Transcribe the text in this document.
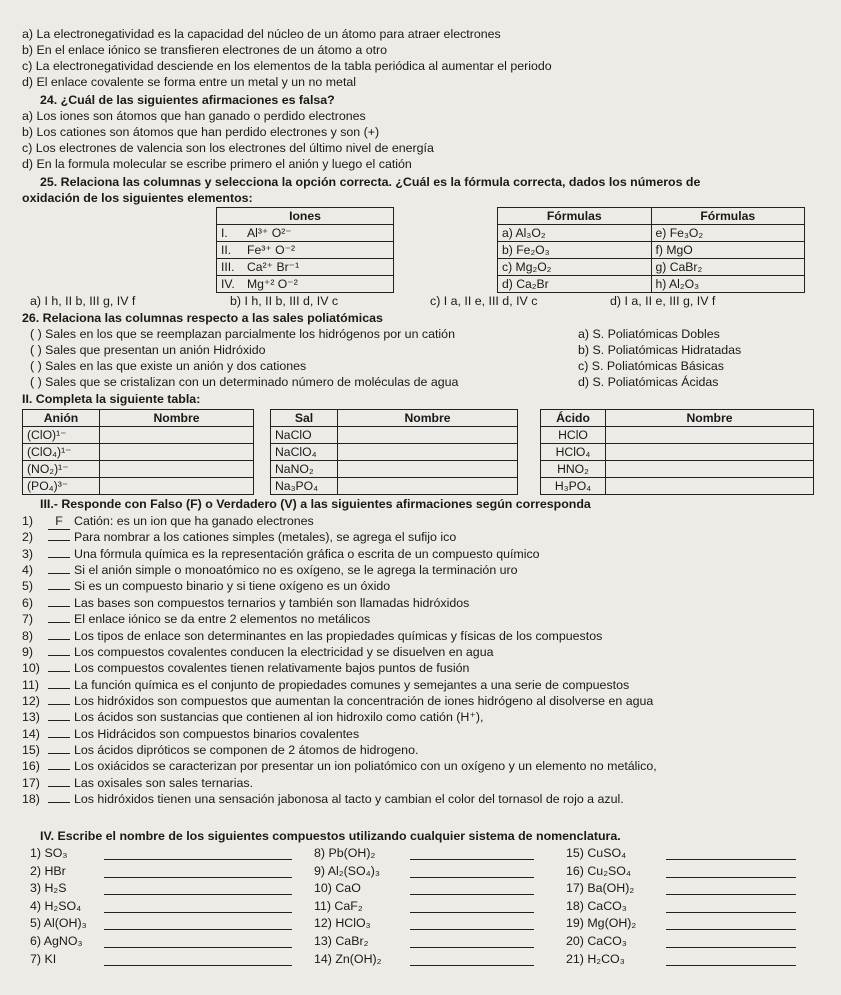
a) La electronegatividad es la capacidad del núcleo de un átomo para atraer electrones
b) En el enlace iónico se transfieren electrones de un átomo a otro
c) La electronegatividad desciende en los elementos de la tabla periódica al aumentar el periodo
d) El enlace covalente se forma entre un metal y un no metal
24. ¿Cuál de las siguientes afirmaciones es falsa?
a) Los iones son átomos que han ganado o perdido electrones
b) Los cationes son átomos que han perdido electrones y son (+)
c) Los electrones de valencia son los electrones del último nivel de energía
d) En la formula molecular se escribe primero el anión y luego el catión
25. Relaciona las columnas y selecciona la opción correcta. ¿Cuál es la fórmula correcta, dados los números de
oxidación de los siguientes elementos:
Iones	
I.	Al³⁺ O²⁻
II.	Fe³⁺ O⁻²
III.	Ca²⁺ Br⁻¹
IV.	Mg⁺² O⁻²
Fórmulas	Fórmulas
a) Al₃O₂	e) Fe₃O₂
b) Fe₂O₃	f) MgO
c) Mg₂O₂	g) CaBr₂
d) Ca₂Br	h) Al₂O₃
a) I h, II b, III g, IV f	b) I h, II b, III d, IV c	c) I a, II e, III d, IV c	d) I a, II e, III g, IV f
26. Relaciona las columnas respecto a las sales poliatómicas
( ) Sales en los que se reemplazan parcialmente los hidrógenos por un catión
( ) Sales que presentan un anión Hidróxido
( ) Sales en las que existe un anión y dos cationes
( ) Sales que se cristalizan con un determinado número de moléculas de agua
a) S. Poliatómicas Dobles
b) S. Poliatómicas Hidratadas
c) S. Poliatómicas Básicas
d) S. Poliatómicas Ácidas
II. Completa la siguiente tabla:
Anión	Nombre
(ClO)¹⁻	
(ClO₄)¹⁻	
(NO₂)¹⁻	
(PO₄)³⁻	
Sal	Nombre
NaClO	
NaClO₄	
NaNO₂	
Na₃PO₄	
Ácido	Nombre
HClO	
HClO₄	
HNO₂	
H₃PO₄	
III.- Responde con Falso (F) o Verdadero (V) a las siguientes afirmaciones según corresponda
1) F Catión: es un ion que ha ganado electrones
2)	Para nombrar a los cationes simples (metales), se agrega el sufijo ico
3)	Una fórmula química es la representación gráfica o escrita de un compuesto químico
4)	Si el anión simple o monoatómico no es oxígeno, se le agrega la terminación uro
5)	Si es un compuesto binario y si tiene oxígeno es un óxido
6)	Las bases son compuestos ternarios y también son llamadas hidróxidos
7)	El enlace iónico se da entre 2 elementos no metálicos
8)	Los tipos de enlace son determinantes en las propiedades químicas y físicas de los compuestos
9)	Los compuestos covalentes conducen la electricidad y se disuelven en agua
10)	Los compuestos covalentes tienen relativamente bajos puntos de fusión
11)	La función química es el conjunto de propiedades comunes y semejantes a una serie de compuestos
12)	Los hidróxidos son compuestos que aumentan la concentración de iones hidrógeno al disolverse en agua
13)	Los ácidos son sustancias que contienen al ion hidroxilo como catión (H⁺),
14)	Los Hidrácidos son compuestos binarios covalentes
15)	Los ácidos dipróticos se componen de 2 átomos de hidrogeno.
16)	Los oxiácidos se caracterizan por presentar un ion poliatómico con un oxígeno y un elemento no metálico,
17)	Las oxisales son sales ternarias.
18)	Los hidróxidos tienen una sensación jabonosa al tacto y cambian el color del tornasol de rojo a azul.
IV. Escribe el nombre de los siguientes compuestos utilizando cualquier sistema de nomenclatura.
1) SO₃
2) HBr
3) H₂S
4) H₂SO₄
5) Al(OH)₃
6) AgNO₃
7) KI
8) Pb(OH)₂
9) Al₂(SO₄)₃
10) CaO
11) CaF₂
12) HClO₃
13) CaBr₂
14) Zn(OH)₂
15) CuSO₄
16) Cu₂SO₄
17) Ba(OH)₂
18) CaCO₃
19) Mg(OH)₂
20) CaCO₃
21) H₂CO₃
